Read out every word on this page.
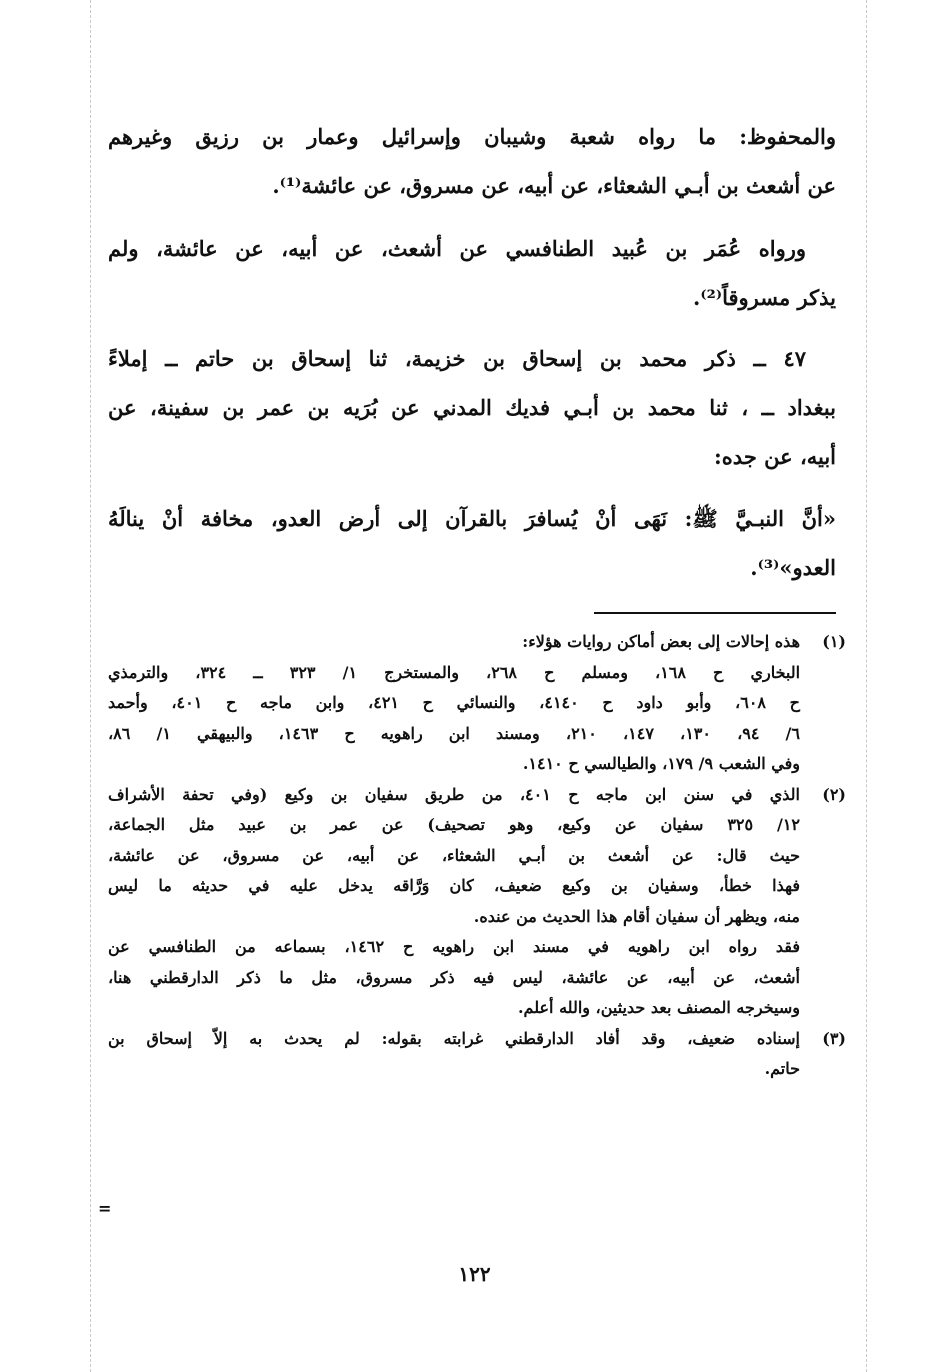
والمحفوظ: ما رواه شعبة وشيبان وإسرائيل وعمار بن رزيق وغيرهم
عن أشعث بن أبـي الشعثاء، عن أبيه، عن مسروق، عن عائشة⁽¹⁾.
ورواه عُمَر بن عُبيد الطنافسي عن أشعث، عن أبيه، عن عائشة، ولم
يذكر مسروقاً⁽²⁾.
٤٧ ــ ذكر محمد بن إسحاق بن خزيمة، ثنا إسحاق بن حاتم ــ إملاءً
ببغداد ــ ، ثنا محمد بن أبـي فديك المدني عن بُرَيه بن عمر بن سفينة، عن
أبيه، عن جده:
«أنَّ النبـيَّ ﷺ: نَهَى أنْ يُسافرَ بالقرآن إلى أرض العدو، مخافة أنْ ينالَهُ
العدو»⁽³⁾.
(١)
هذه إحالات إلى بعض أماكن روايات هؤلاء:
البخاري ح ١٦٨، ومسلم ح ٢٦٨، والمستخرج ١/ ٣٢٣ ــ ٣٢٤، والترمذي
ح ٦٠٨، وأبو داود ح ٤١٤٠، والنسائي ح ٤٢١، وابن ماجه ح ٤٠١، وأحمد
٦/ ٩٤، ١٣٠، ١٤٧، ٢١٠، ومسند ابن راهويه ح ١٤٦٣، والبيهقي ١/ ٨٦،
وفي الشعب ٩/ ١٧٩، والطيالسي ح ١٤١٠.
(٢)
الذي في سنن ابن ماجه ح ٤٠١، من طريق سفيان بن وكيع (وفي تحفة الأشراف
١٢/ ٣٢٥ سفيان عن وكيع، وهو تصحيف) عن عمر بن عبيد مثل الجماعة،
حيث قال: عن أشعث بن أبـي الشعثاء، عن أبيه، عن مسروق، عن عائشة،
فهذا خطأ، وسفيان بن وكيع ضعيف، كان وَرَّاقه يدخل عليه في حديثه ما ليس
منه، ويظهر أن سفيان أقام هذا الحديث من عنده.
فقد رواه ابن راهويه في مسند ابن راهويه ح ١٤٦٢، بسماعه من الطنافسي عن
أشعث، عن أبيه، عن عائشة، ليس فيه ذكر مسروق، مثل ما ذكر الدارقطني هنا،
وسيخرجه المصنف بعد حديثين، والله أعلم.
(٣)
إسناده ضعيف، وقد أفاد الدارقطني غرابته بقوله: لم يحدث به إلاّ إسحاق بن
حاتم.
=
١٢٢
